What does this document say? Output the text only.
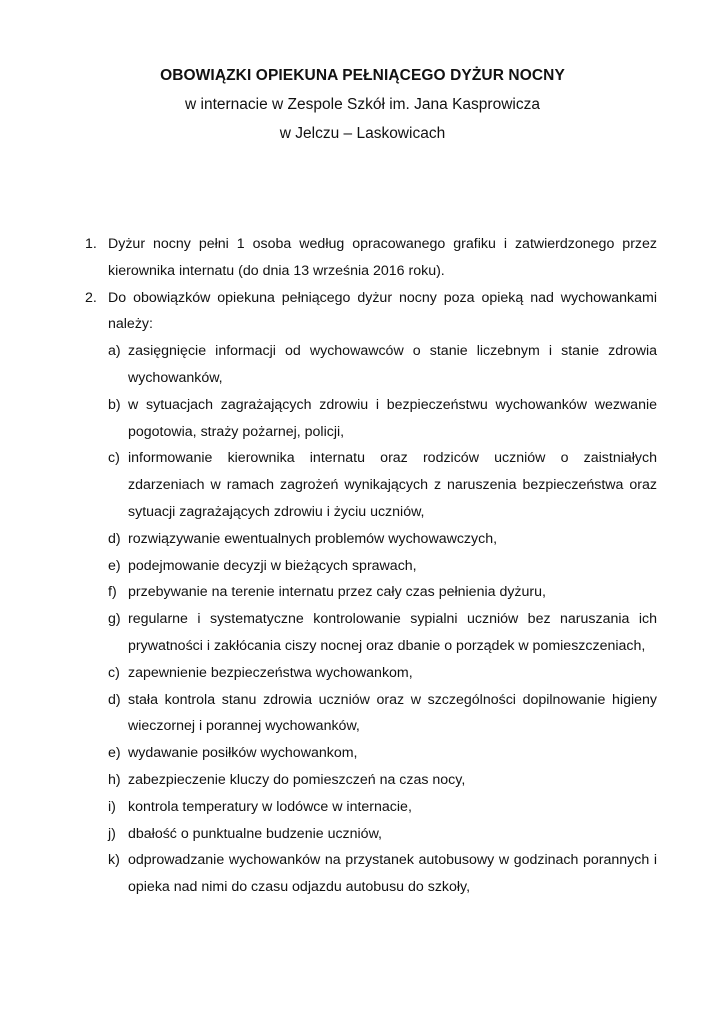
OBOWIĄZKI OPIEKUNA PEŁNIĄCEGO DYŻUR NOCNY
w internacie w Zespole Szkół im. Jana Kasprowicza
w Jelczu – Laskowicach
1. Dyżur nocny pełni 1 osoba według opracowanego grafiku i zatwierdzonego przez kierownika internatu (do dnia 13 września 2016 roku).
2. Do obowiązków opiekuna pełniącego dyżur nocny poza opieką nad wychowankami należy:
a) zasięgnięcie informacji od wychowawców o stanie liczebnym i stanie zdrowia wychowanków,
b) w sytuacjach zagrażających zdrowiu i bezpieczeństwu wychowanków wezwanie pogotowia, straży pożarnej, policji,
c) informowanie kierownika internatu oraz rodziców uczniów o zaistniałych zdarzeniach w ramach zagrożeń wynikających z naruszenia bezpieczeństwa oraz sytuacji zagrażających zdrowiu i życiu uczniów,
d) rozwiązywanie ewentualnych problemów wychowawczych,
e) podejmowanie decyzji w bieżących sprawach,
f) przebywanie na terenie internatu przez cały czas pełnienia dyżuru,
g) regularne i systematyczne kontrolowanie sypialni uczniów bez naruszania ich prywatności i zakłócania ciszy nocnej oraz dbanie o porządek w pomieszczeniach,
c) zapewnienie bezpieczeństwa wychowankom,
d) stała kontrola stanu zdrowia uczniów oraz w szczególności dopilnowanie higieny wieczornej i porannej wychowanków,
e) wydawanie posiłków wychowankom,
h) zabezpieczenie kluczy do pomieszczeń na czas nocy,
i) kontrola temperatury w lodówce w internacie,
j) dbałość o punktualne budzenie uczniów,
k) odprowadzanie wychowanków na przystanek autobusowy w godzinach porannych i opieka nad nimi do czasu odjazdu autobusu do szkoły,
